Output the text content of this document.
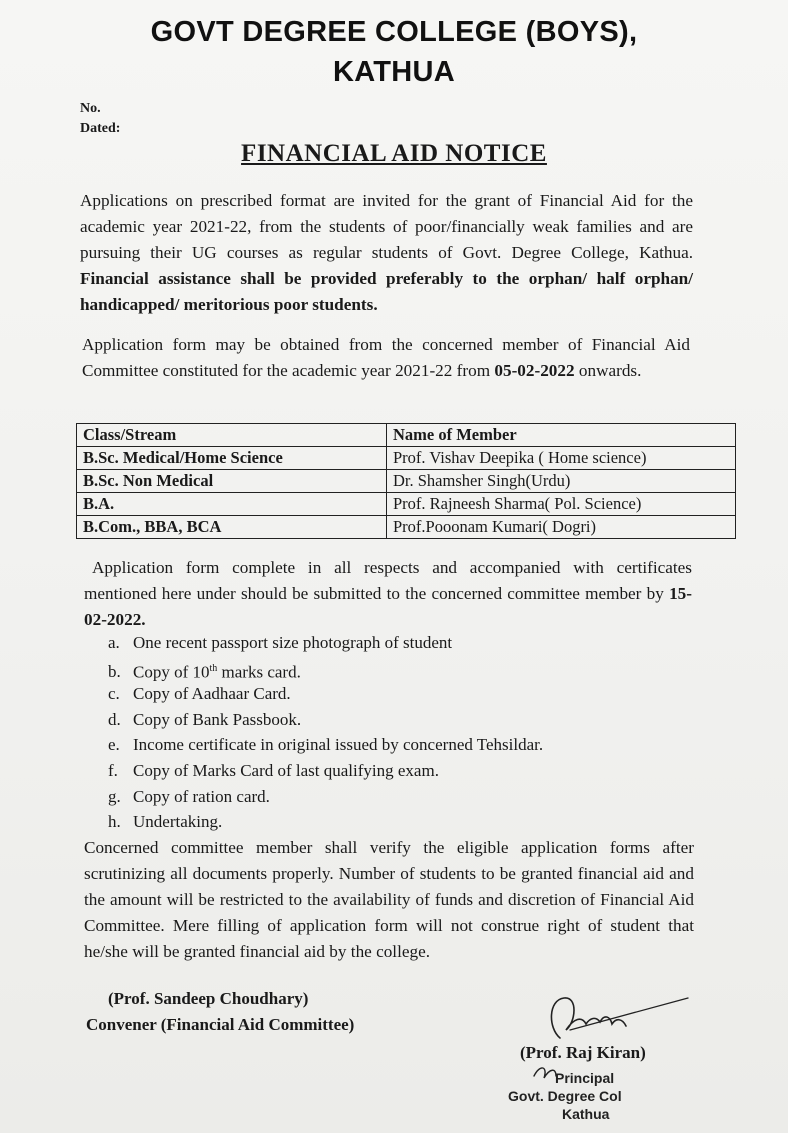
GOVT DEGREE COLLEGE (BOYS),
KATHUA
No.
Dated:
FINANCIAL AID NOTICE
Applications on prescribed format are invited for the grant of Financial Aid for the academic year 2021-22, from the students of poor/financially weak families and are pursuing their UG courses as regular students of Govt. Degree College, Kathua. Financial assistance shall be provided preferably to the orphan/ half orphan/ handicapped/ meritorious poor students.
Application form may be obtained from the concerned member of Financial Aid Committee constituted for the academic year 2021-22 from 05-02-2022 onwards.
Class/Stream	Name of Member
B.Sc. Medical/Home Science	Prof. Vishav Deepika ( Home science)
B.Sc. Non Medical	Dr. Shamsher Singh(Urdu)
B.A.	Prof. Rajneesh Sharma( Pol. Science)
B.Com., BBA, BCA	Prof.Pooonam Kumari( Dogri)
Application form complete in all respects and accompanied with certificates mentioned here under should be submitted to the concerned committee member by 15-02-2022.
a. One recent passport size photograph of student
b. Copy of 10th marks card.
c. Copy of Aadhaar Card.
d. Copy of Bank Passbook.
e. Income certificate in original issued by concerned Tehsildar.
f. Copy of Marks Card of last qualifying exam.
g. Copy of ration card.
h. Undertaking.
Concerned committee member shall verify the eligible application forms after scrutinizing all documents properly. Number of students to be granted financial aid and the amount will be restricted to the availability of funds and discretion of Financial Aid Committee. Mere filling of application form will not construe right of student that he/she will be granted financial aid by the college.
(Prof. Sandeep Choudhary)
Convener (Financial Aid Committee)
(Prof. Raj Kiran)
Principal
Govt. Degree Col
Kathua
